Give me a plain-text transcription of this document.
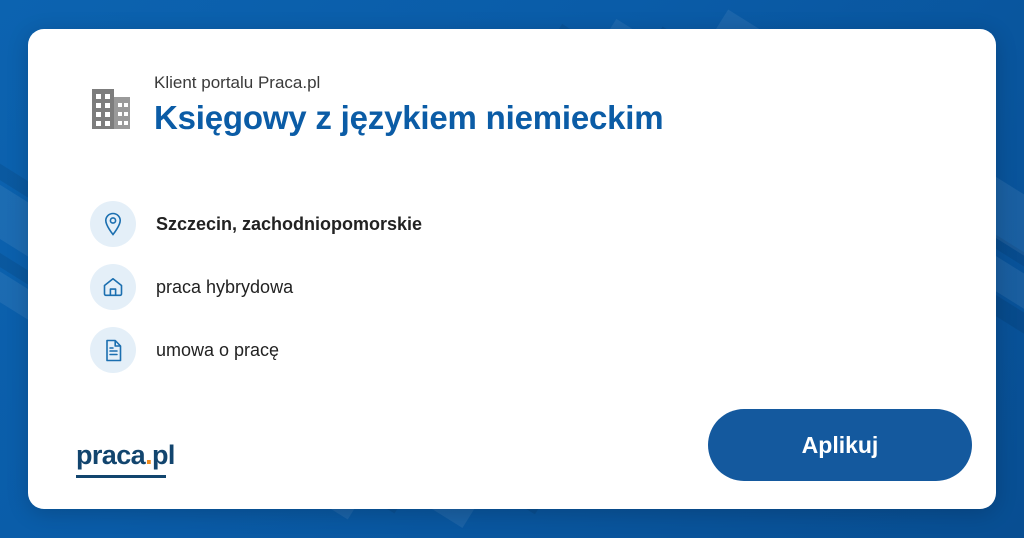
Klient portalu Praca.pl

Księgowy z językiem niemieckim
Szczecin, zachodniopomorskie
praca hybrydowa
umowa o pracę
praca.pl	Aplikuj
